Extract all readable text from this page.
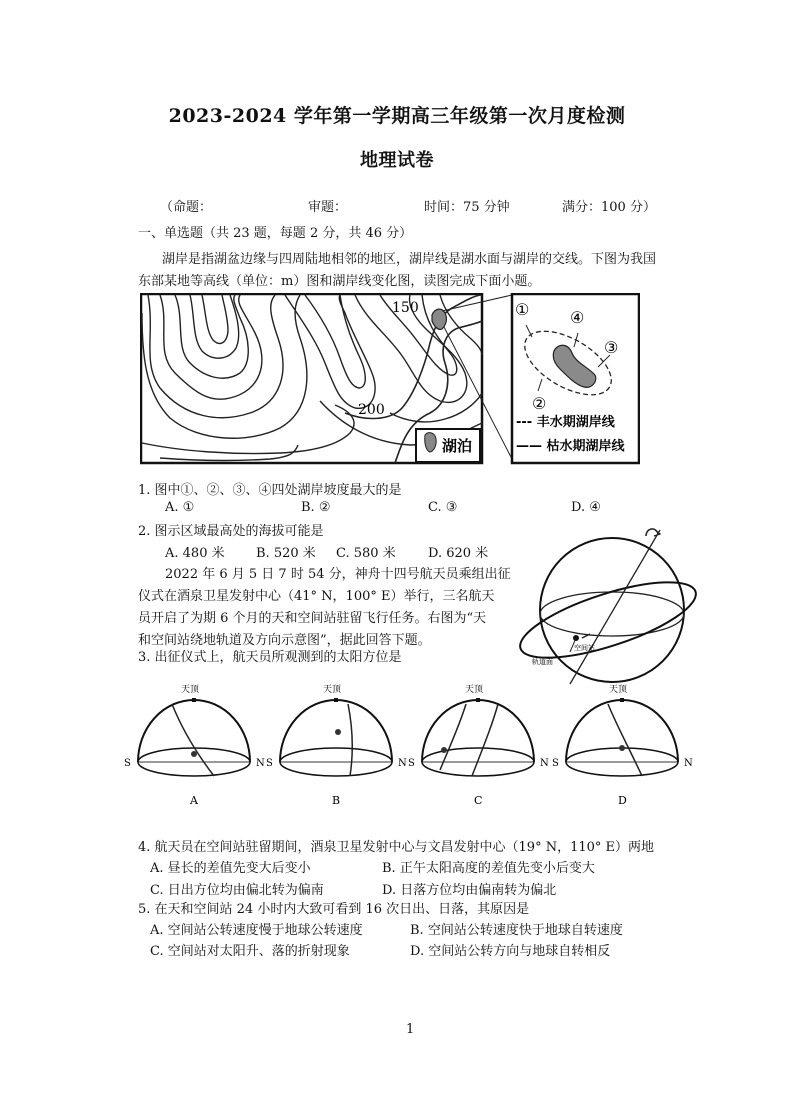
2023-2024 学年第一学期高三年级第一次月度检测
地理试卷
（命题：	审题：	时间：75 分钟	满分：100 分）
一、单选题（共 23 题，每题 2 分，共 46 分）
湖岸是指湖盆边缘与四周陆地相邻的地区，湖岸线是湖水面与湖岸的交线。下图为我国
东部某地等高线（单位：m）图和湖岸线变化图，读图完成下面小题。
湖泊
150
200
①	④
③
②
--- 丰水期湖岸线
—— 枯水期湖岸线
1. 图中①、②、③、④四处湖岸坡度最大的是
A. ①	B. ②	C. ③	D. ④
2. 图示区域最高处的海拔可能是
A. 480 米 B. 520 米 C. 580 米 D. 620 米
2022 年 6 月 5 日 7 时 54 分，神舟十四号航天员乘组出征
仪式在酒泉卫星发射中心（41° N，100° E）举行，三名航天
员开启了为期 6 个月的天和空间站驻留飞行任务。右图为“天
和空间站绕地轨道及方向示意图”，据此回答下题。	空间站
轨道面
3. 出征仪式上，航天员所观测到的太阳方位是
天顶
S	N
A
天顶
S	N
B
天顶
S	N
C
天顶
S	N
D
4. 航天员在空间站驻留期间，酒泉卫星发射中心与文昌发射中心（19° N，110° E）两地
A. 昼长的差值先变大后变小	B. 正午太阳高度的差值先变小后变大
C. 日出方位均由偏北转为偏南	D. 日落方位均由偏南转为偏北
5. 在天和空间站 24 小时内大致可看到 16 次日出、日落，其原因是
A. 空间站公转速度慢于地球公转速度	B. 空间站公转速度快于地球自转速度
C. 空间站对太阳升、落的折射现象	D. 空间站公转方向与地球自转相反
1
